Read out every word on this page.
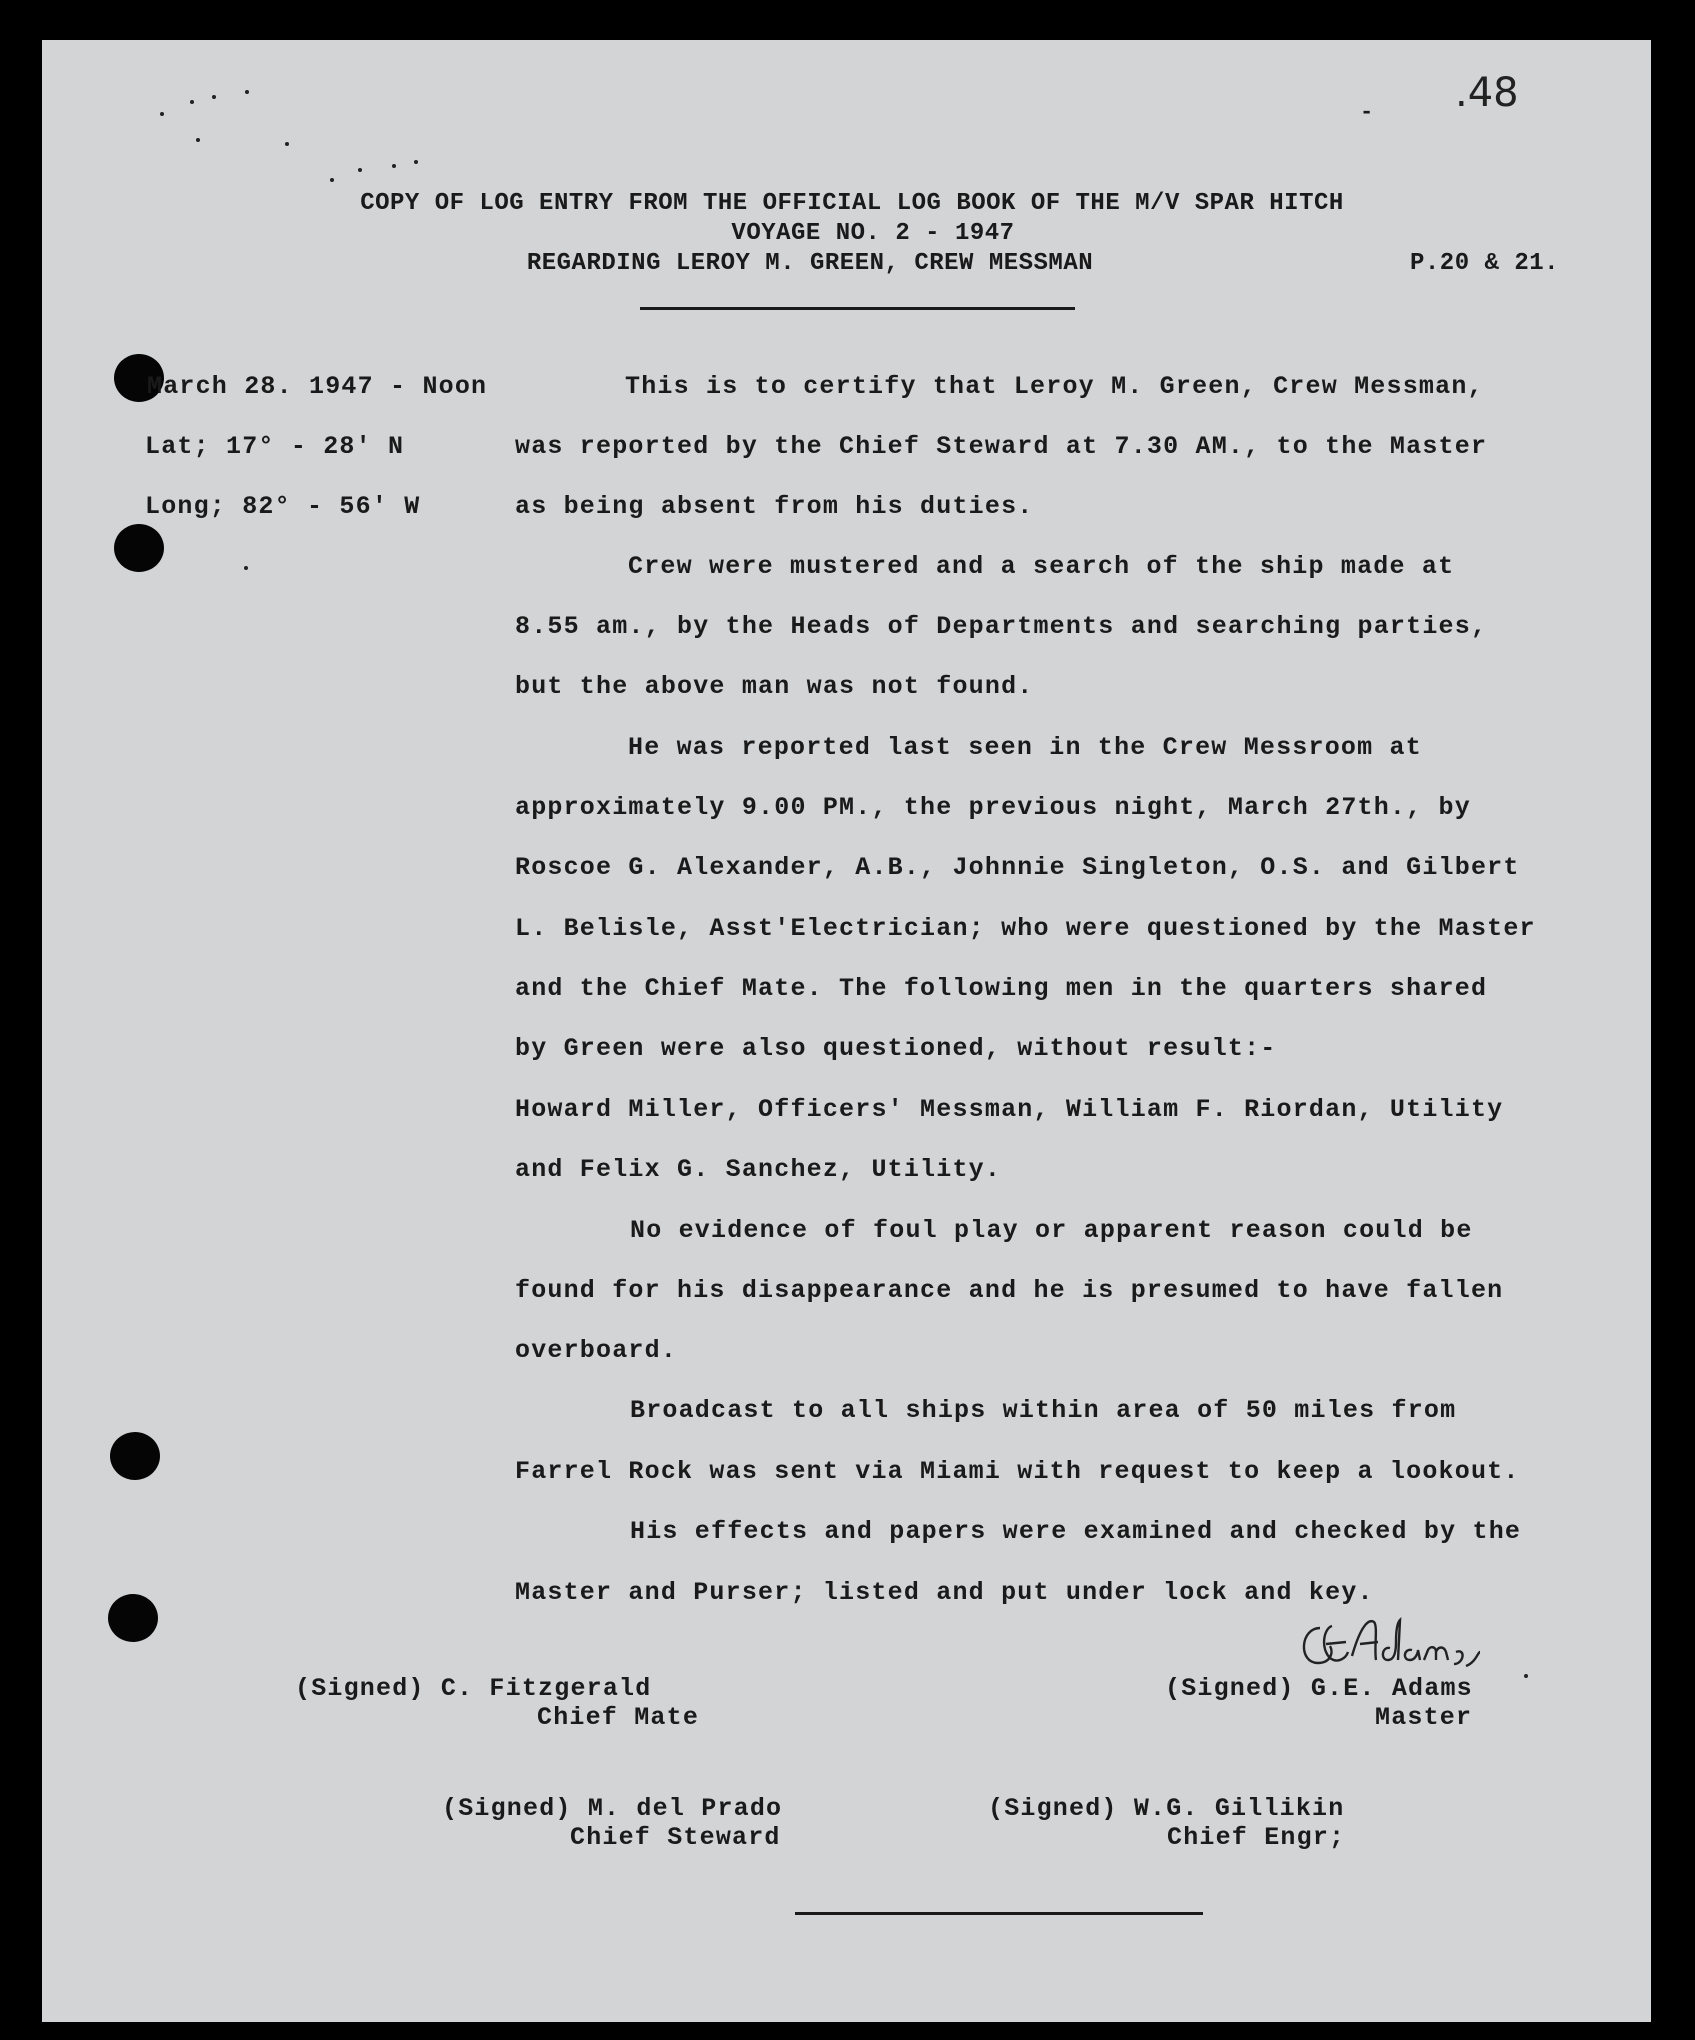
- .48
COPY OF LOG ENTRY FROM THE OFFICIAL LOG BOOK OF THE M/V SPAR HITCH
VOYAGE NO. 2 - 1947
REGARDING LEROY M. GREEN, CREW MESSMAN	P.20 & 21.
March 28. 1947 - Noon
Lat; 17° - 28' N
Long; 82° - 56' W
This is to certify that Leroy M. Green, Crew Messman,
was reported by the Chief Steward at 7.30 AM., to the Master
as being absent from his duties.
Crew were mustered and a search of the ship made at
8.55 am., by the Heads of Departments and searching parties,
but the above man was not found.
He was reported last seen in the Crew Messroom at
approximately 9.00 PM., the previous night, March 27th., by
Roscoe G. Alexander, A.B., Johnnie Singleton, O.S. and Gilbert
L. Belisle, Asst'Electrician; who were questioned by the Master
and the Chief Mate. The following men in the quarters shared
by Green were also questioned, without result:-
Howard Miller, Officers' Messman, William F. Riordan, Utility
and Felix G. Sanchez, Utility.
No evidence of foul play or apparent reason could be
found for his disappearance and he is presumed to have fallen
overboard.
Broadcast to all ships within area of 50 miles from
Farrel Rock was sent via Miami with request to keep a lookout.
His effects and papers were examined and checked by the
Master and Purser; listed and put under lock and key.
(Signed) C. Fitzgerald
Chief Mate
(Signed) G.E. Adams
Master
(Signed) M. del Prado
Chief Steward
(Signed) W.G. Gillikin
Chief Engr;
